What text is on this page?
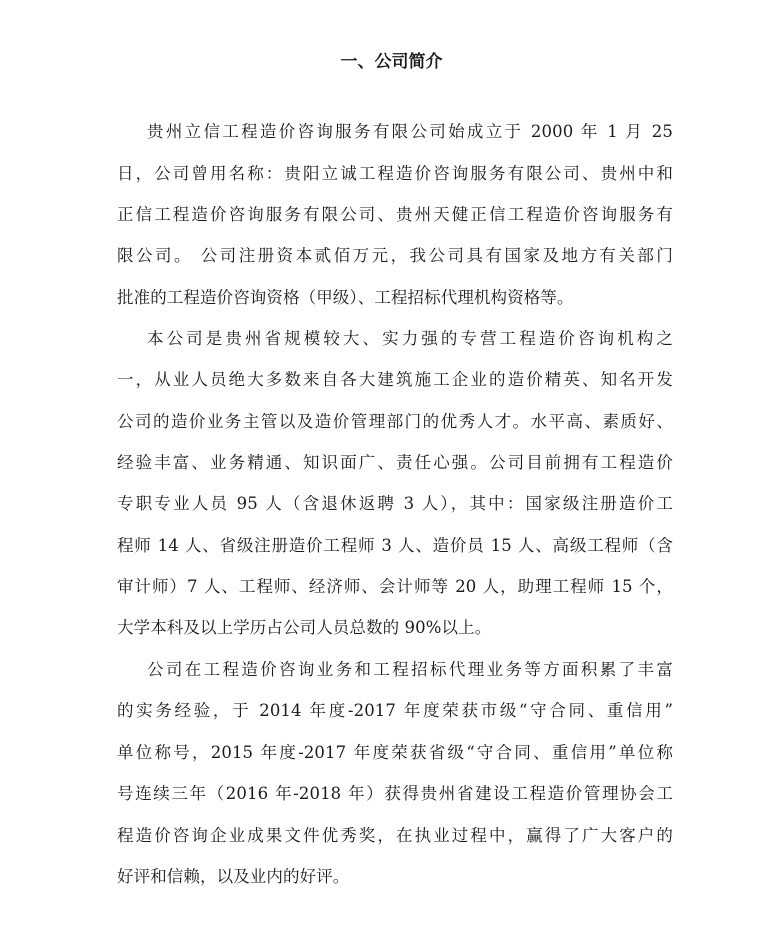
一、公司简介

贵州立信工程造价咨询服务有限公司始成立于 2000 年 1 月 25

日，公司曾用名称：贵阳立诚工程造价咨询服务有限公司、贵州中和

正信工程造价咨询服务有限公司、贵州天健正信工程造价咨询服务有

限公司。 公司注册资本贰佰万元，我公司具有国家及地方有关部门

批准的工程造价咨询资格（甲级）、工程招标代理机构资格等。

本公司是贵州省规模较大、实力强的专营工程造价咨询机构之

一，从业人员绝大多数来自各大建筑施工企业的造价精英、知名开发

公司的造价业务主管以及造价管理部门的优秀人才。水平高、素质好、

经验丰富、业务精通、知识面广、责任心强。公司目前拥有工程造价

专职专业人员 95 人（含退休返聘 3 人），其中：国家级注册造价工

程师 14 人、省级注册造价工程师 3 人、造价员 15 人、高级工程师（含

审计师）7 人、工程师、经济师、会计师等 20 人，助理工程师 15 个，

大学本科及以上学历占公司人员总数的 90%以上。

公司在工程造价咨询业务和工程招标代理业务等方面积累了丰富

的实务经验，于 2014 年度-2017 年度荣获市级“守合同、重信用”

单位称号，2015 年度-2017 年度荣获省级“守合同、重信用”单位称

号连续三年（2016 年-2018 年）获得贵州省建设工程造价管理协会工

程造价咨询企业成果文件优秀奖，在执业过程中，赢得了广大客户的

好评和信赖，以及业内的好评。
